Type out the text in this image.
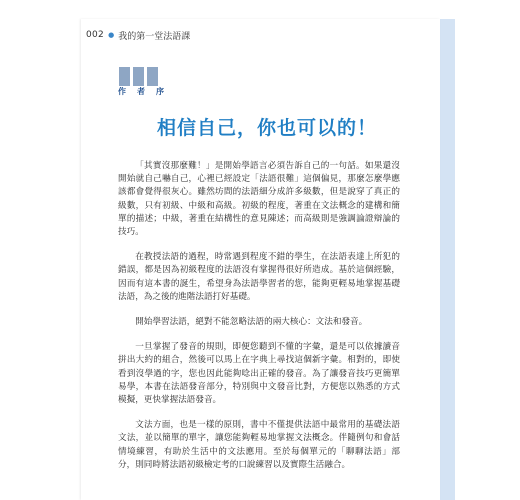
002 ● 我的第一堂法語課
作 者 序
相信自己，你也可以的！

「其實沒那麼難！」是開始學語言必須告訴自己的一句話。如果還沒開始就自己嚇自己，心裡已經設定「法語很難」這個偏見，那麼怎麼學應該都會覺得很灰心。雖然坊間的法語細分成許多級數，但是說穿了真正的級數，只有初級、中級和高級。初級的程度，著重在文法概念的建構和簡單的描述；中級，著重在結構性的意見陳述；而高級則是強調論證辯論的技巧。

在教授法語的過程，時常遇到程度不錯的學生，在法語表達上所犯的錯誤，都是因為初級程度的法語沒有掌握得很好所造成。基於這個經驗，因而有這本書的誕生，希望身為法語學習者的您，能夠更輕易地掌握基礎法語，為之後的進階法語打好基礎。

開始學習法語，絕對不能忽略法語的兩大核心：文法和發音。

一旦掌握了發音的規則，即便您聽到不懂的字彙，還是可以依據讀音拼出大約的組合，然後可以馬上在字典上尋找這個新字彙。相對的，即使看到沒學過的字，您也因此能夠唸出正確的發音。為了讓發音技巧更簡單易學，本書在法語發音部分，特別與中文發音比對，方便您以熟悉的方式模擬，更快掌握法語發音。

文法方面，也是一樣的原則，書中不僅提供法語中最常用的基礎法語文法，並以簡單的單字，讓您能夠輕易地掌握文法概念。伴隨例句和會話情境練習，有助於生活中的文法應用。至於每個單元的「聊聊法語」部分，則同時將法語初級檢定考的口說練習以及實際生活融合。
